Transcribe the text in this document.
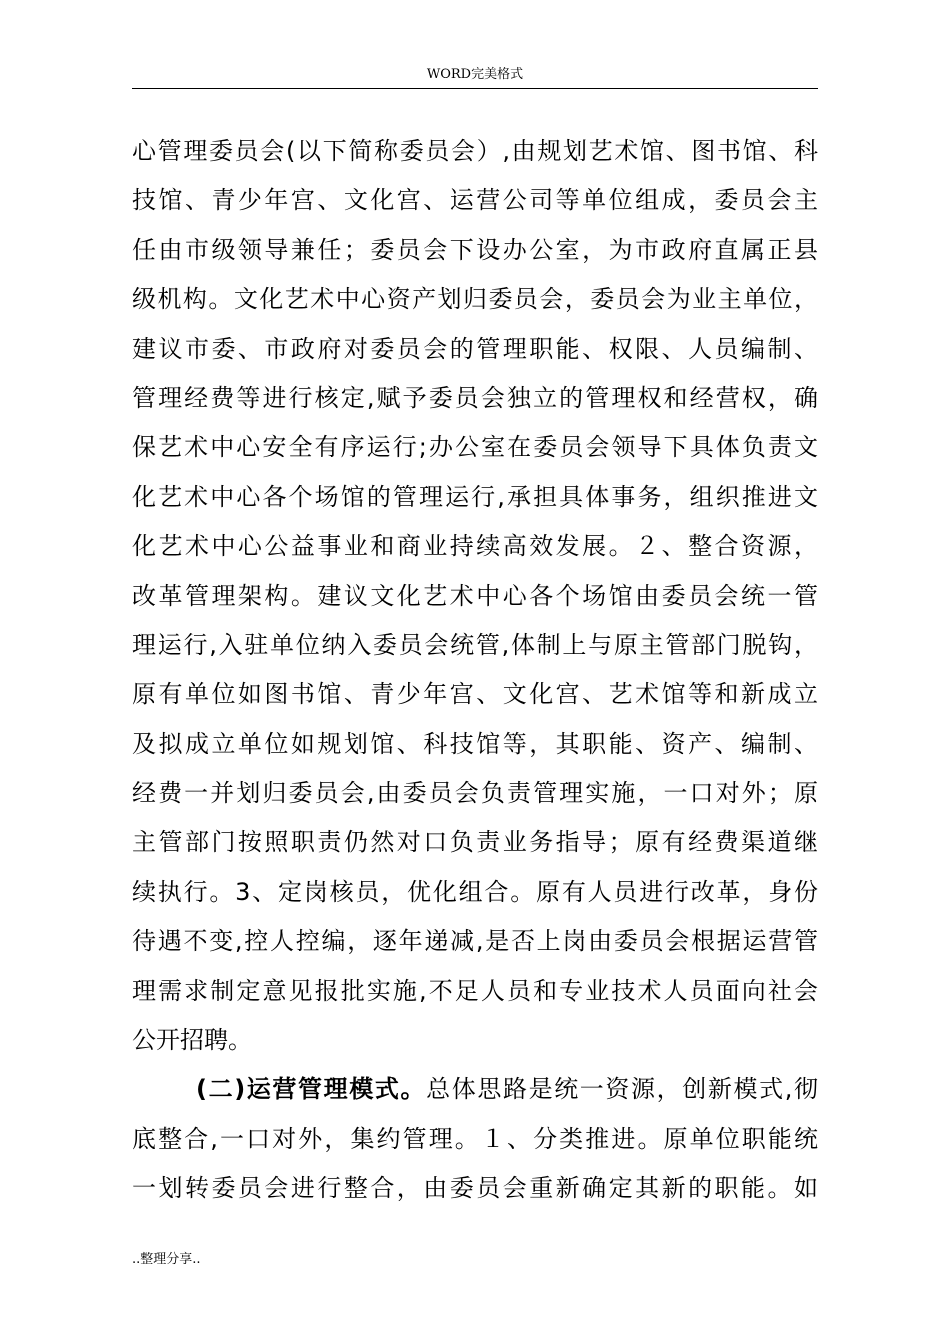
WORD完美格式
心管理委员会(以下简称委员会）,由规划艺术馆、图书馆、科
技馆、青少年宫、文化宫、运营公司等单位组成，委员会主
任由市级领导兼任；委员会下设办公室，为市政府直属正县
级机构。文化艺术中心资产划归委员会，委员会为业主单位，
建议市委、市政府对委员会的管理职能、权限、人员编制、
管理经费等进行核定,赋予委员会独立的管理权和经营权，确
保艺术中心安全有序运行;办公室在委员会领导下具体负责文
化艺术中心各个场馆的管理运行,承担具体事务，组织推进文
化艺术中心公益事业和商业持续高效发展。２、整合资源，
改革管理架构。建议文化艺术中心各个场馆由委员会统一管
理运行,入驻单位纳入委员会统管,体制上与原主管部门脱钩，
原有单位如图书馆、青少年宫、文化宫、艺术馆等和新成立
及拟成立单位如规划馆、科技馆等，其职能、资产、编制、
经费一并划归委员会,由委员会负责管理实施，一口对外；原
主管部门按照职责仍然对口负责业务指导；原有经费渠道继
续执行。3、定岗核员，优化组合。原有人员进行改革，身份
待遇不变,控人控编，逐年递减,是否上岗由委员会根据运营管
理需求制定意见报批实施,不足人员和专业技术人员面向社会
公开招聘。
(二)运营管理模式。总体思路是统一资源，创新模式,彻
底整合,一口对外，集约管理。１、分类推进。原单位职能统
一划转委员会进行整合，由委员会重新确定其新的职能。如
..整理分享..
